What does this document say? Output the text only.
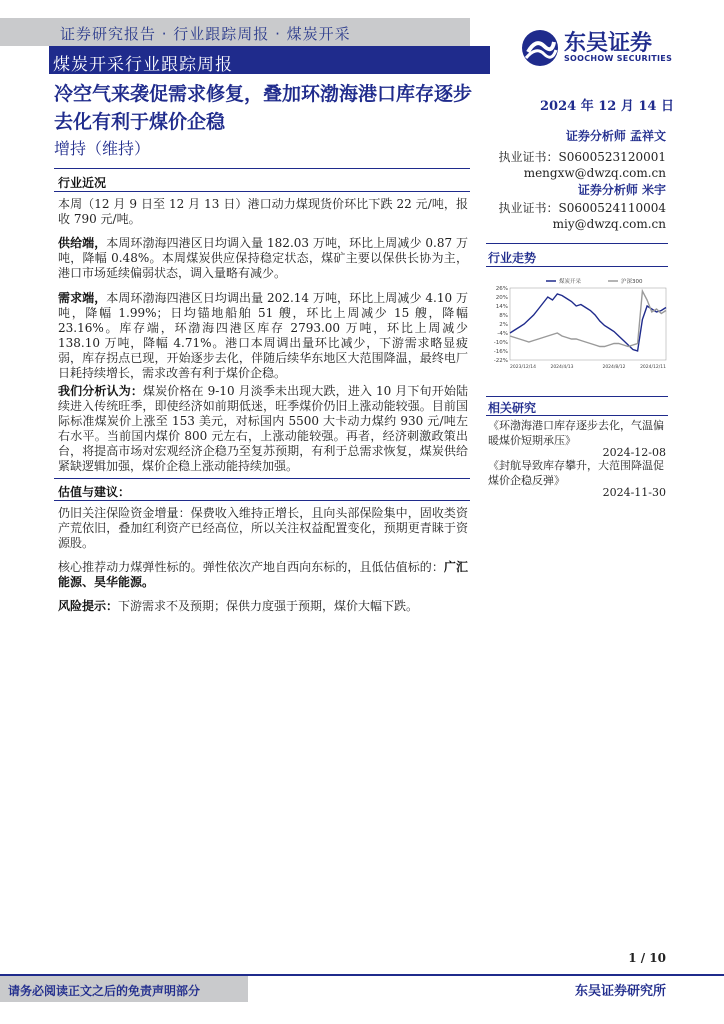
证券研究报告 · 行业跟踪周报 · 煤炭开采
煤炭开采行业跟踪周报
东吴证券
SOOCHOW SECURITIES
冷空气来袭促需求修复，叠加环渤海港口库存逐步去化有利于煤价企稳
增持（维持）
2024 年 12 月 14 日
证券分析师 孟祥文
执业证书：S0600523120001
mengxw@dwzq.com.cn
证券分析师 米宇
执业证书：S0600524110004
miy@dwzq.com.cn
行业近况
本周（12 月 9 日至 12 月 13 日）港口动力煤现货价环比下跌 22 元/吨，报收 790 元/吨。
供给端，本周环渤海四港区日均调入量 182.03 万吨，环比上周减少 0.87 万吨，降幅 0.48%。本周煤炭供应保持稳定状态，煤矿主要以保供长协为主，港口市场延续偏弱状态，调入量略有减少。
需求端，本周环渤海四港区日均调出量 202.14 万吨，环比上周减少 4.10 万吨，降幅 1.99%；日均锚地船舶 51 艘，环比上周减少 15 艘，降幅 23.16%。库存端，环渤海四港区库存 2793.00 万吨，环比上周减少 138.10 万吨，降幅 4.71%。港口本周调出量环比减少，下游需求略显疲弱，库存拐点已现，开始逐步去化，伴随后续华东地区大范围降温，最终电厂日耗持续增长，需求改善有利于煤价企稳。
我们分析认为：煤炭价格在 9-10 月淡季未出现大跌，进入 10 月下旬开始陆续进入传统旺季，即使经济如前期低迷，旺季煤价仍旧上涨动能较强。目前国际标准煤炭价上涨至 153 美元，对标国内 5500 大卡动力煤约 930 元/吨左右水平。当前国内煤价 800 元左右，上涨动能较强。再者，经济刺激政策出台，将提高市场对宏观经济企稳乃至复苏预期，有利于总需求恢复，煤炭供给紧缺逻辑加强，煤价企稳上涨动能持续加强。
估值与建议：
仍旧关注保险资金增量：保费收入维持正增长，且向头部保险集中，固收类资产荒依旧，叠加红利资产已经高位，所以关注权益配置变化，预期更青睐于资源股。
核心推荐动力煤弹性标的。弹性依次产地自西向东标的，且低估值标的：广汇能源、昊华能源。
风险提示：下游需求不及预期；保供力度强于预期，煤价大幅下跌。
行业走势
26%
20%
14%
8%
2%
-4%
-10%
-16%
-22%
2023/12/14	2024/4/13	2024/8/12	2024/12/11
煤炭开采	沪深300
相关研究
《环渤海港口库存逐步去化，气温偏暖煤价短期承压》
2024-12-08
《封航导致库存攀升，大范围降温促煤价企稳反弹》
2024-11-30
1 / 10
请务必阅读正文之后的免责声明部分	东吴证券研究所
